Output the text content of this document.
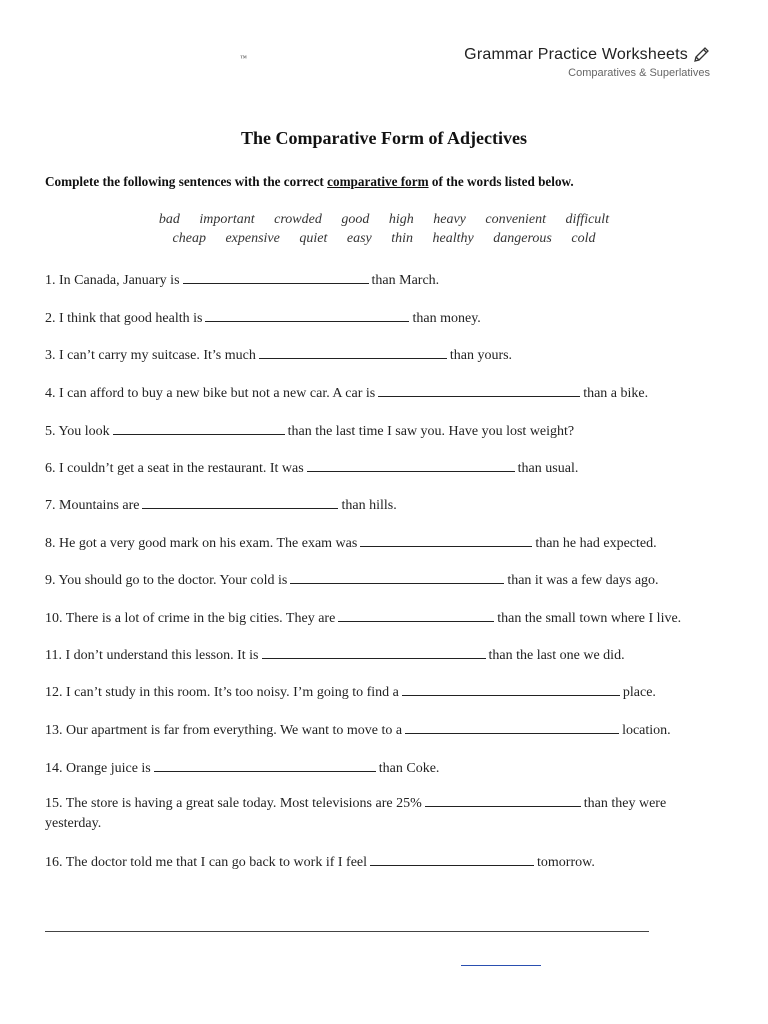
™	Grammar Practice Worksheets
Comparatives & Superlatives
The Comparative Form of Adjectives
Complete the following sentences with the correct comparative form of the words listed below.
bad important crowded good high heavy convenient difficult
cheap expensive quiet easy thin healthy dangerous cold
1. In Canada, January is	than March.
2. I think that good health is	than money.
3. I can’t carry my suitcase. It’s much	than yours.
4. I can afford to buy a new bike but not a new car. A car is	than a bike.
5. You look	than the last time I saw you. Have you lost weight?
6. I couldn’t get a seat in the restaurant. It was	than usual.
7. Mountains are	than hills.
8. He got a very good mark on his exam. The exam was	than he had expected.
9. You should go to the doctor. Your cold is	than it was a few days ago.
10. There is a lot of crime in the big cities. They are	than the small town where I live.
11. I don’t understand this lesson. It is	than the last one we did.
12. I can’t study in this room. It’s too noisy. I’m going to find a	place.
13. Our apartment is far from everything. We want to move to a	location.
14. Orange juice is	than Coke.
15. The store is having a great sale today. Most televisions are 25%	than they were yesterday.
16. The doctor told me that I can go back to work if I feel	tomorrow.
